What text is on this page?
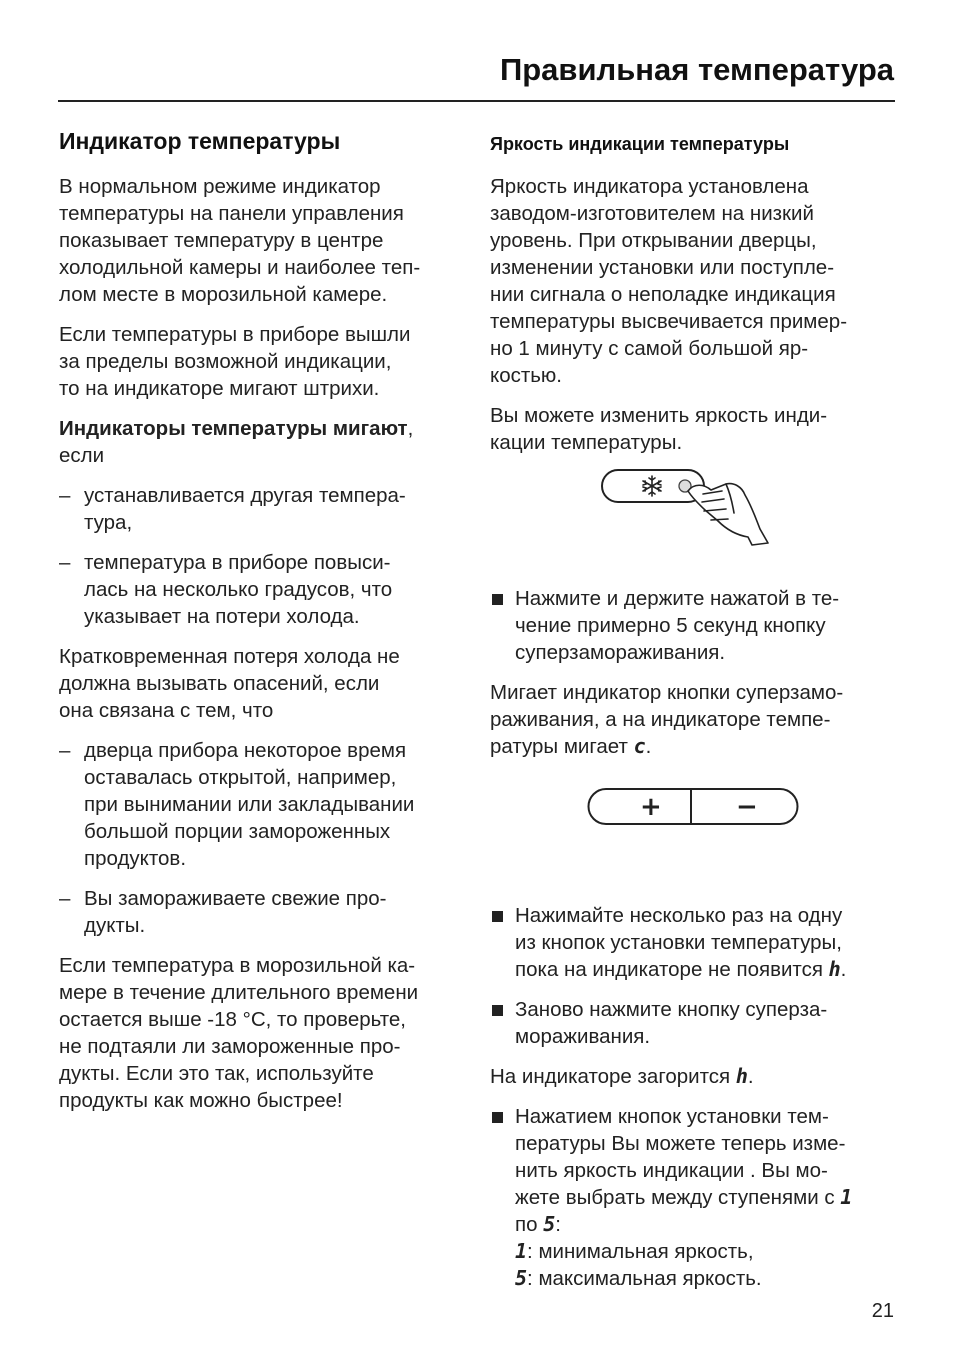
Правильная температура
Индикатор температуры

В нормальном режиме индикатор
температуры на панели управления
показывает температуру в центре
холодильной камеры и наиболее теп-
лом месте в морозильной камере.

Если температуры в приборе вышли
за пределы возможной индикации,
то на индикаторе мигают штрихи.

Индикаторы температуры мигают,
если

– устанавливается другая темпера-
тура,
– температура в приборе повыси-
лась на несколько градусов, что
указывает на потери холода.

Кратковременная потеря холода не
должна вызывать опасений, если
она связана с тем, что

– дверца прибора некоторое время
оставалась открытой, например,
при вынимании или закладывании
большой порции замороженных
продуктов.
– Вы замораживаете свежие про-
дукты.

Если температура в морозильной ка-
мере в течение длительного времени
остается выше -18 °C, то проверьте,
не подтаяли ли замороженные про-
дукты. Если это так, используйте
продукты как можно быстрее!

Яркость индикации температуры

Яркость индикатора установлена
заводом-изготовителем на низкий
уровень. При открывании дверцы,
изменении установки или поступле-
нии сигнала о неполадке индикация
температуры высвечивается пример-
но 1 минуту с самой большой яр-
костью.

Вы можете изменить яркость инди-
кации температуры.

Нажмите и держите нажатой в те-
чение примерно 5 секунд кнопку
суперзамораживания.

Мигает индикатор кнопки суперзамо-
раживания, а на индикаторе темпе-
ратуры мигает c.

+	−
Нажимайте несколько раз на одну
из кнопок установки температуры,
пока на индикаторе не появится h.
Заново нажмите кнопку суперза-
мораживания.

На индикаторе загорится h.

Нажатием кнопок установки тем-
пературы Вы можете теперь изме-
нить яркость индикации . Вы мо-
жете выбрать между ступенями с 1
по 5:
1: минимальная яркость,
5: максимальная яркость.
21
